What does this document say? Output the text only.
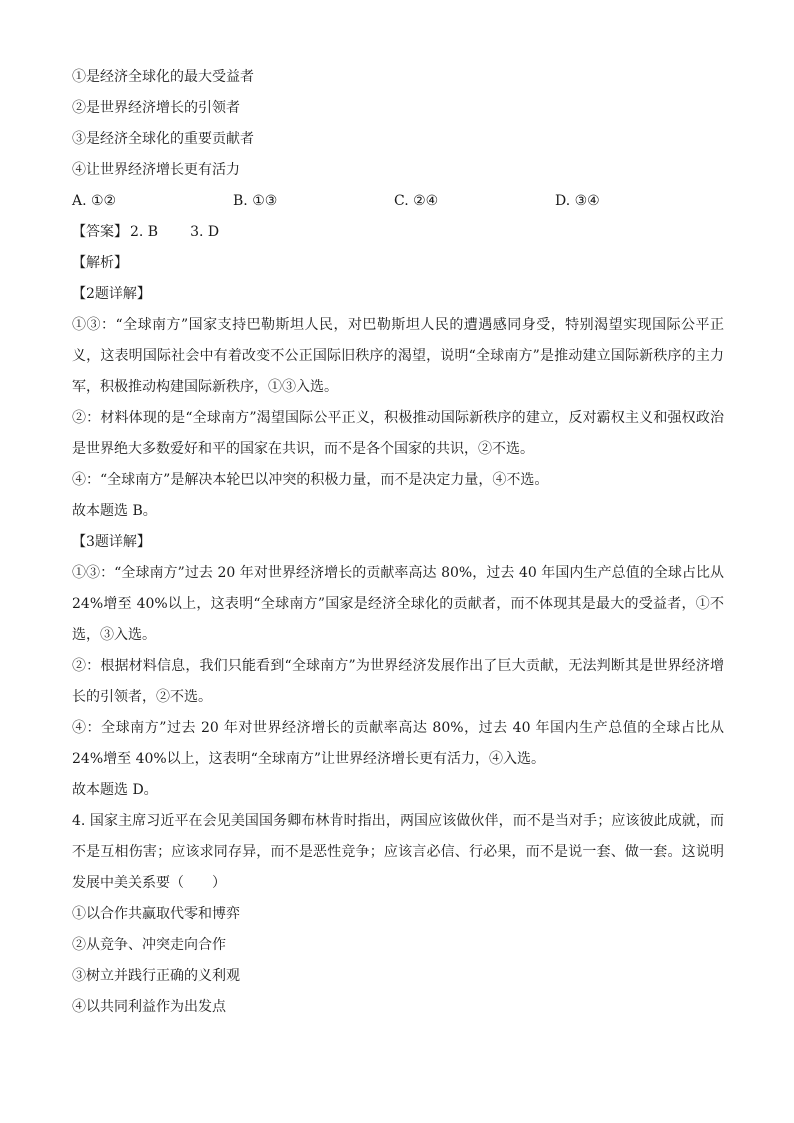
①是经济全球化的最大受益者
②是世界经济增长的引领者
③是经济全球化的重要贡献者
④让世界经济增长更有活力
A. ①②	B. ①③	C. ②④	D. ③④
【答案】 2. B 3. D
【解析】
【2题详解】
①③：“全球南方”国家支持巴勒斯坦人民，对巴勒斯坦人民的遭遇感同身受，特别渴望实现国际公平正义，这表明国际社会中有着改变不公正国际旧秩序的渴望，说明“全球南方”是推动建立国际新秩序的主力军，积极推动构建国际新秩序，①③入选。
②：材料体现的是“全球南方”渴望国际公平正义，积极推动国际新秩序的建立，反对霸权主义和强权政治是世界绝大多数爱好和平的国家在共识，而不是各个国家的共识，②不选。
④：“全球南方”是解决本轮巴以冲突的积极力量，而不是决定力量，④不选。
故本题选 B。
【3题详解】
①③：“全球南方”过去 20 年对世界经济增长的贡献率高达 80%，过去 40 年国内生产总值的全球占比从 24%增至 40%以上，这表明“全球南方”国家是经济全球化的贡献者，而不体现其是最大的受益者，①不选，③入选。
②：根据材料信息，我们只能看到“全球南方”为世界经济发展作出了巨大贡献，无法判断其是世界经济增长的引领者，②不选。
④：全球南方”过去 20 年对世界经济增长的贡献率高达 80%，过去 40 年国内生产总值的全球占比从 24%增至 40%以上，这表明“全球南方”让世界经济增长更有活力，④入选。
故本题选 D。
4. 国家主席习近平在会见美国国务卿布林肯时指出，两国应该做伙伴，而不是当对手；应该彼此成就，而不是互相伤害；应该求同存异，而不是恶性竞争；应该言必信、行必果，而不是说一套、做一套。这说明发展中美关系要（　　）
①以合作共赢取代零和博弈
②从竞争、冲突走向合作
③树立并践行正确的义利观
④以共同利益作为出发点
